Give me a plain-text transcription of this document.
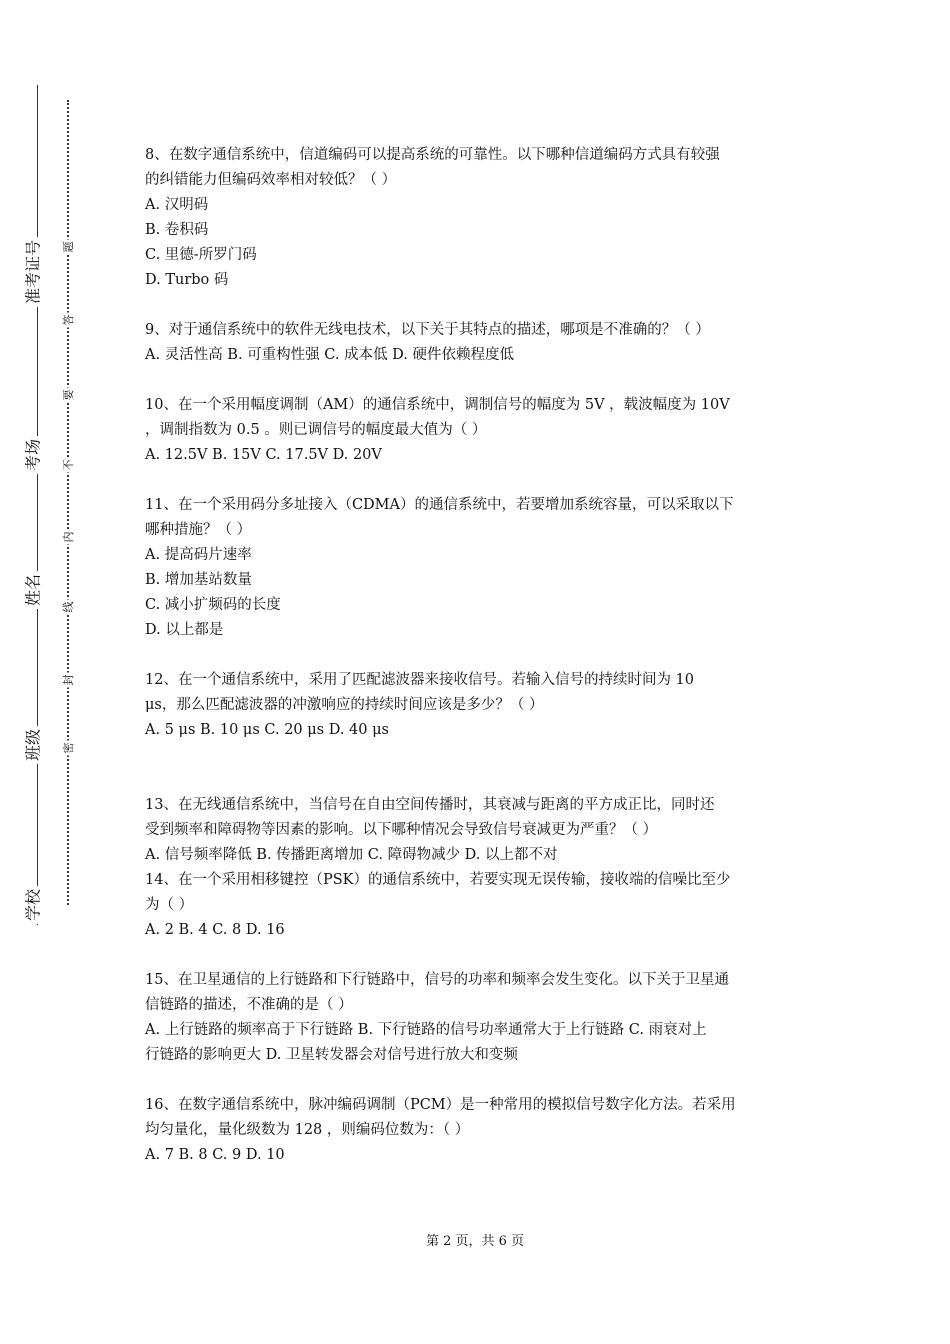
学校
班级
姓名
考场
准考证号
密
封
线
内
不
要
答
题
8、在数字通信系统中，信道编码可以提高系统的可靠性。以下哪种信道编码方式具有较强
的纠错能力但编码效率相对较低？（ ）
A. 汉明码
B. 卷积码
C. 里德-所罗门码
D. Turbo 码
9、对于通信系统中的软件无线电技术，以下关于其特点的描述，哪项是不准确的？（ ）
A. 灵活性高 B. 可重构性强 C. 成本低 D. 硬件依赖程度低
10、在一个采用幅度调制（AM）的通信系统中，调制信号的幅度为 5V ，载波幅度为 10V
，调制指数为 0.5 。则已调信号的幅度最大值为（ ）
A. 12.5V B. 15V C. 17.5V D. 20V
11、在一个采用码分多址接入（CDMA）的通信系统中，若要增加系统容量，可以采取以下
哪种措施？（ ）
A. 提高码片速率
B. 增加基站数量
C. 减小扩频码的长度
D. 以上都是
12、在一个通信系统中，采用了匹配滤波器来接收信号。若输入信号的持续时间为 10
μs，那么匹配滤波器的冲激响应的持续时间应该是多少？（ ）
A. 5 μs B. 10 μs C. 20 μs D. 40 μs
13、在无线通信系统中，当信号在自由空间传播时，其衰减与距离的平方成正比，同时还
受到频率和障碍物等因素的影响。以下哪种情况会导致信号衰减更为严重？（ ）
A. 信号频率降低 B. 传播距离增加 C. 障碍物减少 D. 以上都不对
14、在一个采用相移键控（PSK）的通信系统中，若要实现无误传输，接收端的信噪比至少
为（ ）
A. 2 B. 4 C. 8 D. 16
15、在卫星通信的上行链路和下行链路中，信号的功率和频率会发生变化。以下关于卫星通
信链路的描述，不准确的是（ ）
A. 上行链路的频率高于下行链路 B. 下行链路的信号功率通常大于上行链路 C. 雨衰对上
行链路的影响更大 D. 卫星转发器会对信号进行放大和变频
16、在数字通信系统中，脉冲编码调制（PCM）是一种常用的模拟信号数字化方法。若采用
均匀量化，量化级数为 128 ，则编码位数为：（ ）
A. 7 B. 8 C. 9 D. 10
第 2 页，共 6 页
